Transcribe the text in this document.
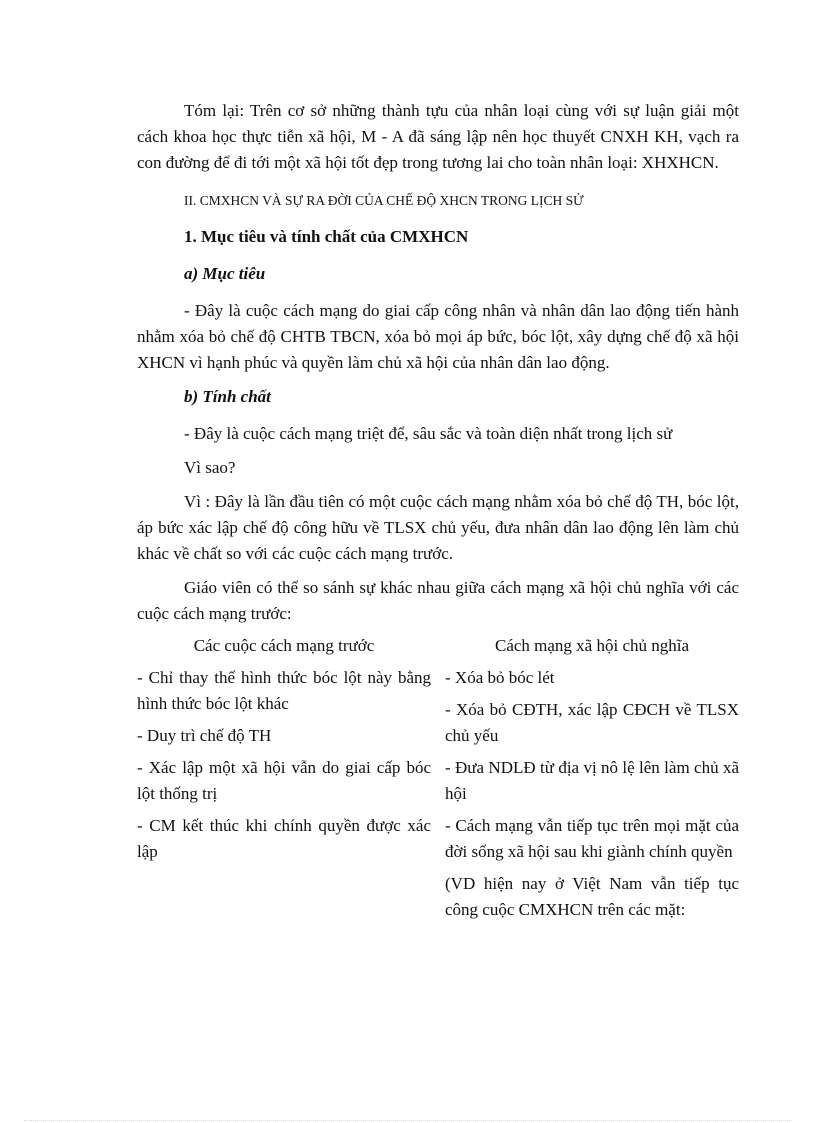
Tóm lại: Trên cơ sở những thành tựu của nhân loại cùng với sự luận giải một cách khoa học thực tiễn xã hội, M - A đã sáng lập nên học thuyết CNXH KH, vạch ra con đường để đi tới một xã hội tốt đẹp trong tương lai cho toàn nhân loại: XHXHCN.

II. CMXHCN VÀ SỰ RA ĐỜI CỦA CHẾ ĐỘ XHCN TRONG LỊCH SỬ

1. Mục tiêu và tính chất của CMXHCN

a) Mục tiêu

- Đây là cuộc cách mạng do giai cấp công nhân và nhân dân lao động tiến hành nhằm xóa bỏ chế độ CHTB TBCN, xóa bỏ mọi áp bức, bóc lột, xây dựng chế độ xã hội XHCN vì hạnh phúc và quyền làm chủ xã hội của nhân dân lao động.

b) Tính chất

- Đây là cuộc cách mạng triệt để, sâu sắc và toàn diện nhất trong lịch sử

Vì sao?

Vì : Đây là lần đầu tiên có một cuộc cách mạng nhằm xóa bỏ chế độ TH, bóc lột, áp bức xác lập chế độ công hữu về TLSX chủ yếu, đưa nhân dân lao động lên làm chủ khác về chất so với các cuộc cách mạng trước.

Giáo viên có thể so sánh sự khác nhau giữa cách mạng xã hội chủ nghĩa với các cuộc cách mạng trước:

Các cuộc cách mạng trước	Cách mạng xã hội chủ nghĩa

- Chỉ thay thế hình thức bóc lột này bằng hình thức bóc lột khác

- Duy trì chế độ TH

- Xác lập một xã hội vẫn do giai cấp bóc lột thống trị

- CM kết thúc khi chính quyền được xác lập

- Xóa bỏ bóc lét

- Xóa bỏ CĐTH, xác lập CĐCH về TLSX chủ yếu

- Đưa NDLĐ từ địa vị nô lệ lên làm chủ xã hội

- Cách mạng vẫn tiếp tục trên mọi mặt của đời sống xã hội sau khi giành chính quyền

(VD hiện nay ở Việt Nam vẫn tiếp tục công cuộc CMXHCN trên các mặt:
